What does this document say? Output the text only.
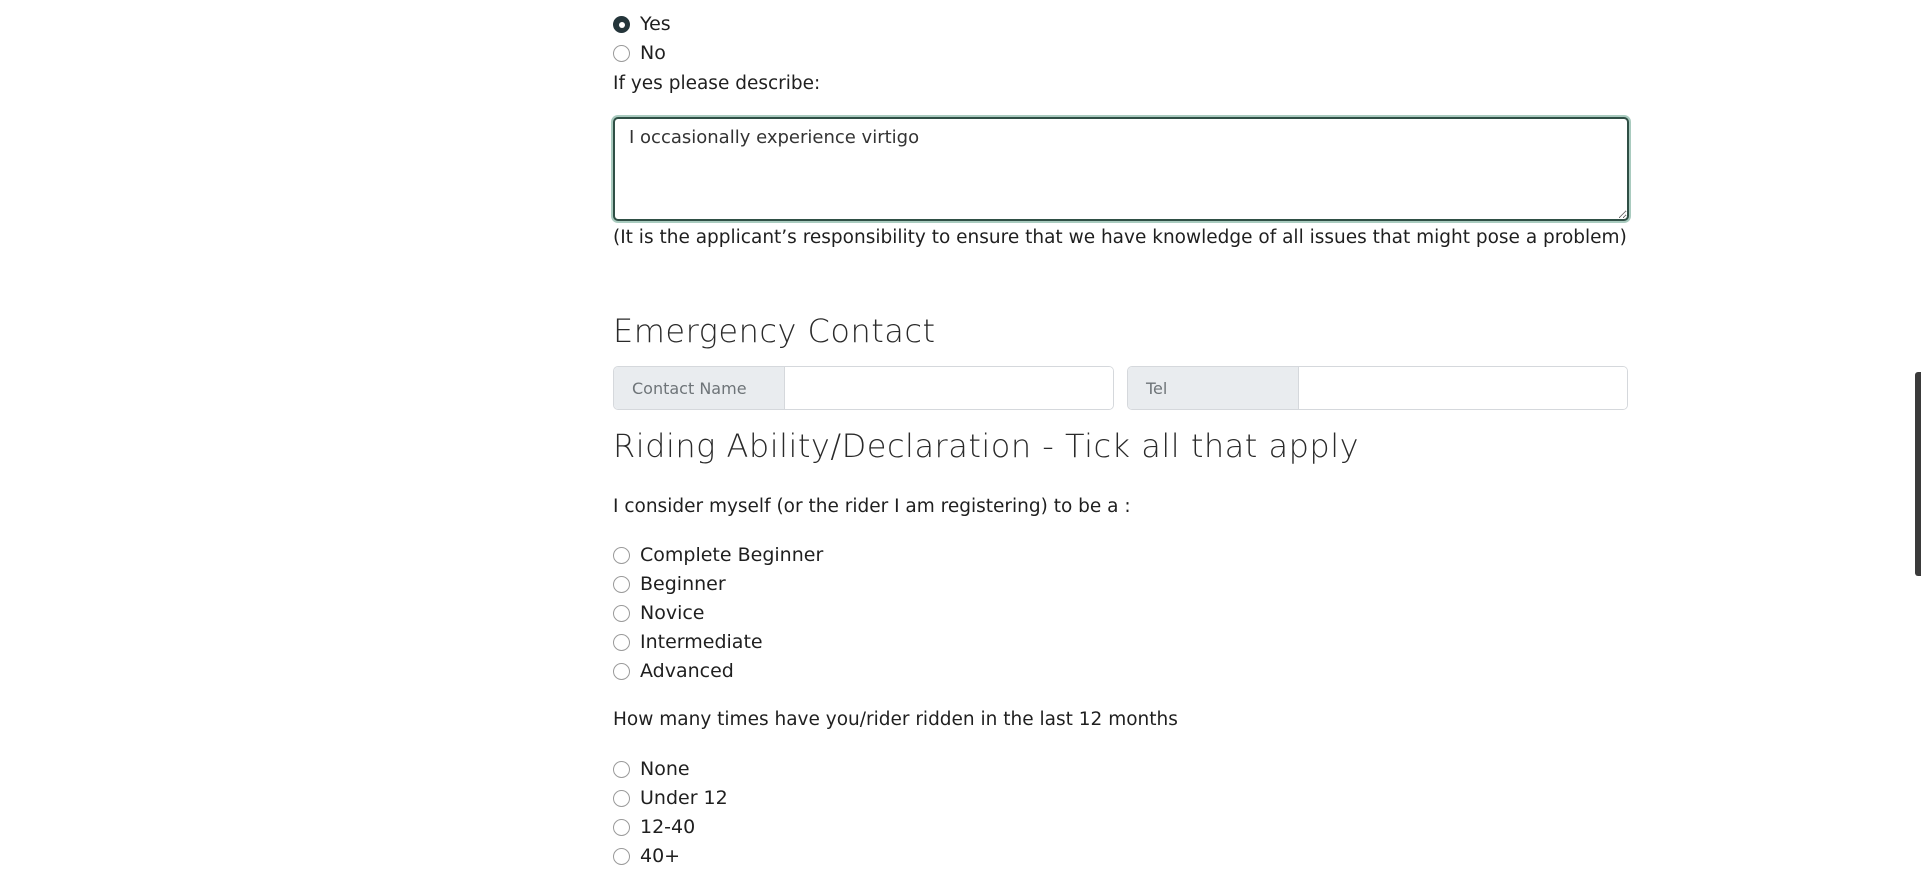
Yes
No
If yes please describe:
I occasionally experience virtigo
(It is the applicant’s responsibility to ensure that we have knowledge of all issues that might pose a problem)
Emergency Contact
Contact Name	Tel
Riding Ability/Declaration - Tick all that apply
I consider myself (or the rider I am registering) to be a :
Complete Beginner
Beginner
Novice
Intermediate
Advanced
How many times have you/rider ridden in the last 12 months
None
Under 12
12-40
40+
